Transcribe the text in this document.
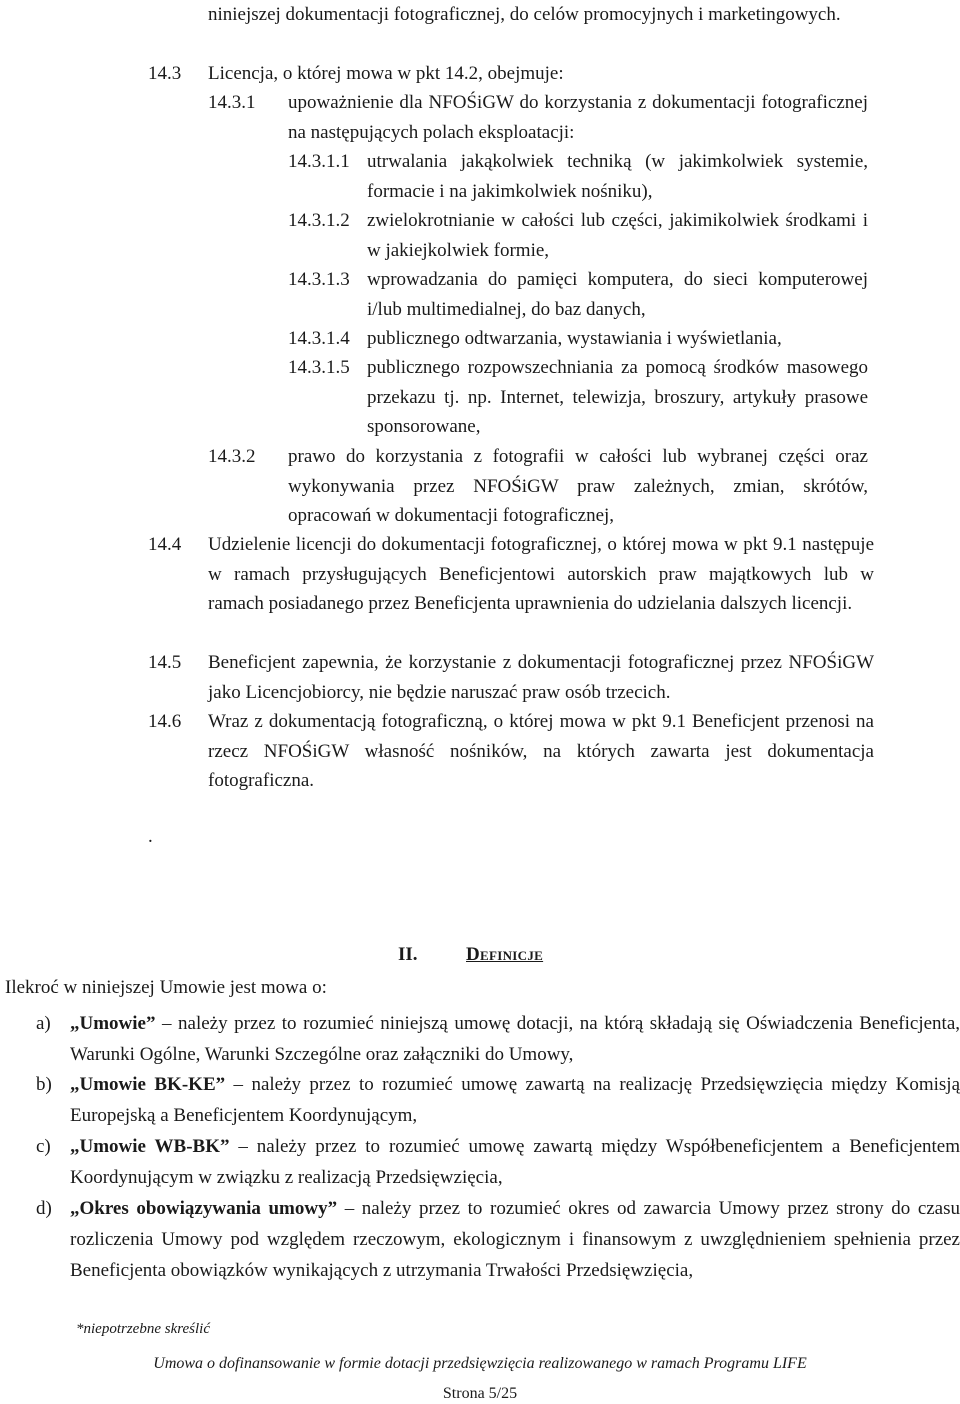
niniejszej dokumentacji fotograficznej, do celów promocyjnych i marketingowych.
14.3 Licencja, o której mowa w pkt 14.2, obejmuje:
14.3.1 upoważnienie dla NFOŚiGW do korzystania z dokumentacji fotograficznej na następujących polach eksploatacji:
14.3.1.1 utrwalania jakąkolwiek techniką (w jakimkolwiek systemie, formacie i na jakimkolwiek nośniku),
14.3.1.2 zwielokrotnianie w całości lub części, jakimikolwiek środkami i w jakiejkolwiek formie,
14.3.1.3 wprowadzania do pamięci komputera, do sieci komputerowej i/lub multimedialnej, do baz danych,
14.3.1.4 publicznego odtwarzania, wystawiania i wyświetlania,
14.3.1.5 publicznego rozpowszechniania za pomocą środków masowego przekazu tj. np. Internet, telewizja, broszury, artykuły prasowe sponsorowane,
14.3.2 prawo do korzystania z fotografii w całości lub wybranej części oraz wykonywania przez NFOŚiGW praw zależnych, zmian, skrótów, opracowań w dokumentacji fotograficznej,
14.4 Udzielenie licencji do dokumentacji fotograficznej, o której mowa w pkt 9.1 następuje w ramach przysługujących Beneficjentowi autorskich praw majątkowych lub w ramach posiadanego przez Beneficjenta uprawnienia do udzielania dalszych licencji.
14.5 Beneficjent zapewnia, że korzystanie z dokumentacji fotograficznej przez NFOŚiGW jako Licencjobiorcy, nie będzie naruszać praw osób trzecich.
14.6 Wraz z dokumentacją fotograficzną, o której mowa w pkt 9.1 Beneficjent przenosi na rzecz NFOŚiGW własność nośników, na których zawarta jest dokumentacja fotograficzna.
.
II.	Definicje
Ilekroć w niniejszej Umowie jest mowa o:
a) „Umowie” – należy przez to rozumieć niniejszą umowę dotacji, na którą składają się Oświadczenia Beneficjenta, Warunki Ogólne, Warunki Szczególne oraz załączniki do Umowy,
b) „Umowie BK-KE” – należy przez to rozumieć umowę zawartą na realizację Przedsięwzięcia między Komisją Europejską a Beneficjentem Koordynującym,
c) „Umowie WB-BK” – należy przez to rozumieć umowę zawartą między Współbeneficjentem a Beneficjentem Koordynującym w związku z realizacją Przedsięwzięcia,
d) „Okres obowiązywania umowy” – należy przez to rozumieć okres od zawarcia Umowy przez strony do czasu rozliczenia Umowy pod względem rzeczowym, ekologicznym i finansowym z uwzględnieniem spełnienia przez Beneficjenta obowiązków wynikających z utrzymania Trwałości Przedsięwzięcia,
*niepotrzebne skreślić
Umowa o dofinansowanie w formie dotacji przedsięwzięcia realizowanego w ramach Programu LIFE
Strona 5/25
